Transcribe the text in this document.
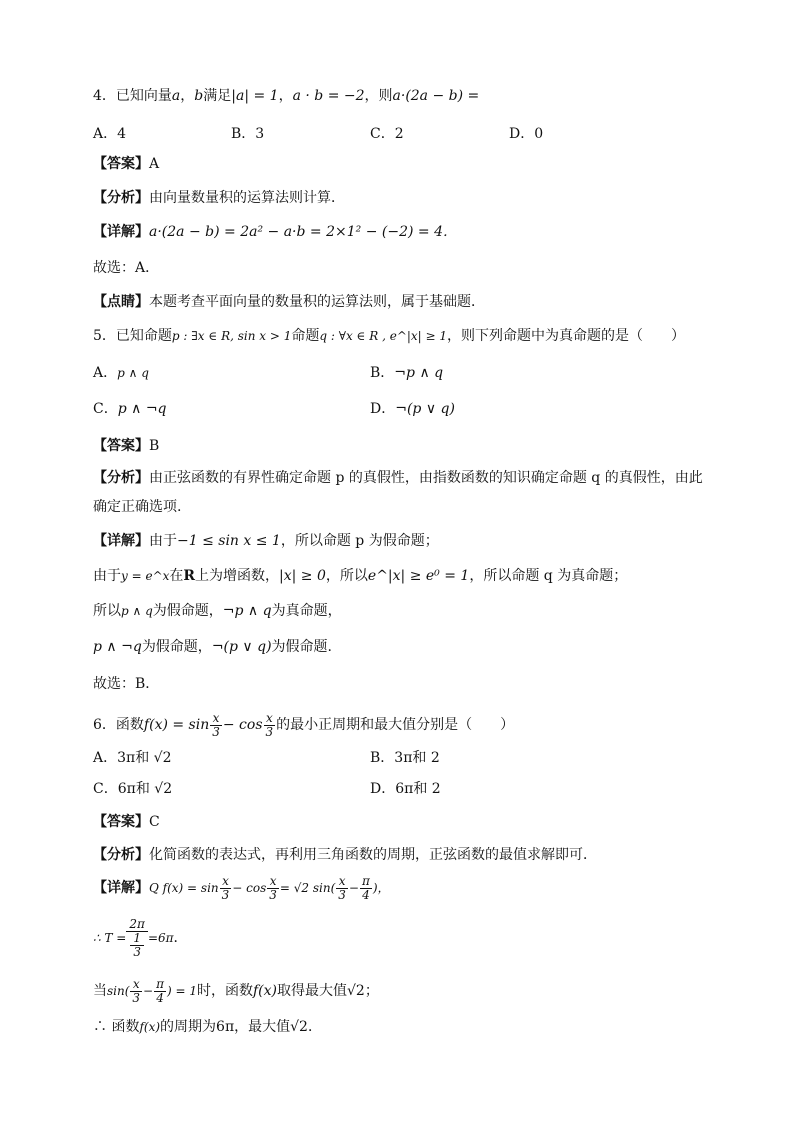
4．已知向量a，b满足|a| = 1，a · b = −2，则a·(2a − b) =
A．4	B．3	C．2	D．0
【答案】A
【分析】由向量数量积的运算法则计算．
【详解】a·(2a − b) = 2a² − a·b = 2×1² − (−2) = 4．
故选：A．
【点睛】本题考查平面向量的数量积的运算法则，属于基础题．
5．已知命题p : ∃x ∈ R, sin x > 1命题q : ∀x ∈ R , e^|x| ≥ 1，则下列命题中为真命题的是（　　）
A．p ∧ q	B．¬p ∧ q
C．p ∧ ¬q	D．¬(p ∨ q)
【答案】B
【分析】由正弦函数的有界性确定命题 p 的真假性，由指数函数的知识确定命题 q 的真假性，由此
确定正确选项.
【详解】由于−1 ≤ sin x ≤ 1，所以命题 p 为假命题；
由于y = e^x在R上为增函数，|x| ≥ 0，所以e^|x| ≥ e⁰ = 1，所以命题 q 为真命题；
所以p ∧ q为假命题，¬p ∧ q为真命题，
p ∧ ¬q为假命题，¬(p ∨ q)为假命题.
故选：B．
6．函数$f(x) = \sin \frac{x}{3} - \cos \frac{x}{3}$ 的最小正周期和最大值分别是（　　）
A．3π和 √2	B．3π和 2
C．6π和 √2	D．6π和 2
【答案】C
【分析】化简函数的表达式，再利用三角函数的周期，正弦函数的最值求解即可．
【详解】Q $f(x) = \sin \frac{x}{3} - \cos \frac{x}{3} = √2$ $\sin( \frac{x}{3} - \frac{\pi}{4}$ )，
∴ $T = \frac{2\pi}{\frac{1}{3}} =6\pi$．
当$\sin( \frac{x}{3} - \frac{\pi}{4}$ ) = 1时，函数f(x)取得最大值√2；
∴ 函数f(x)的周期为6π，最大值√2．
